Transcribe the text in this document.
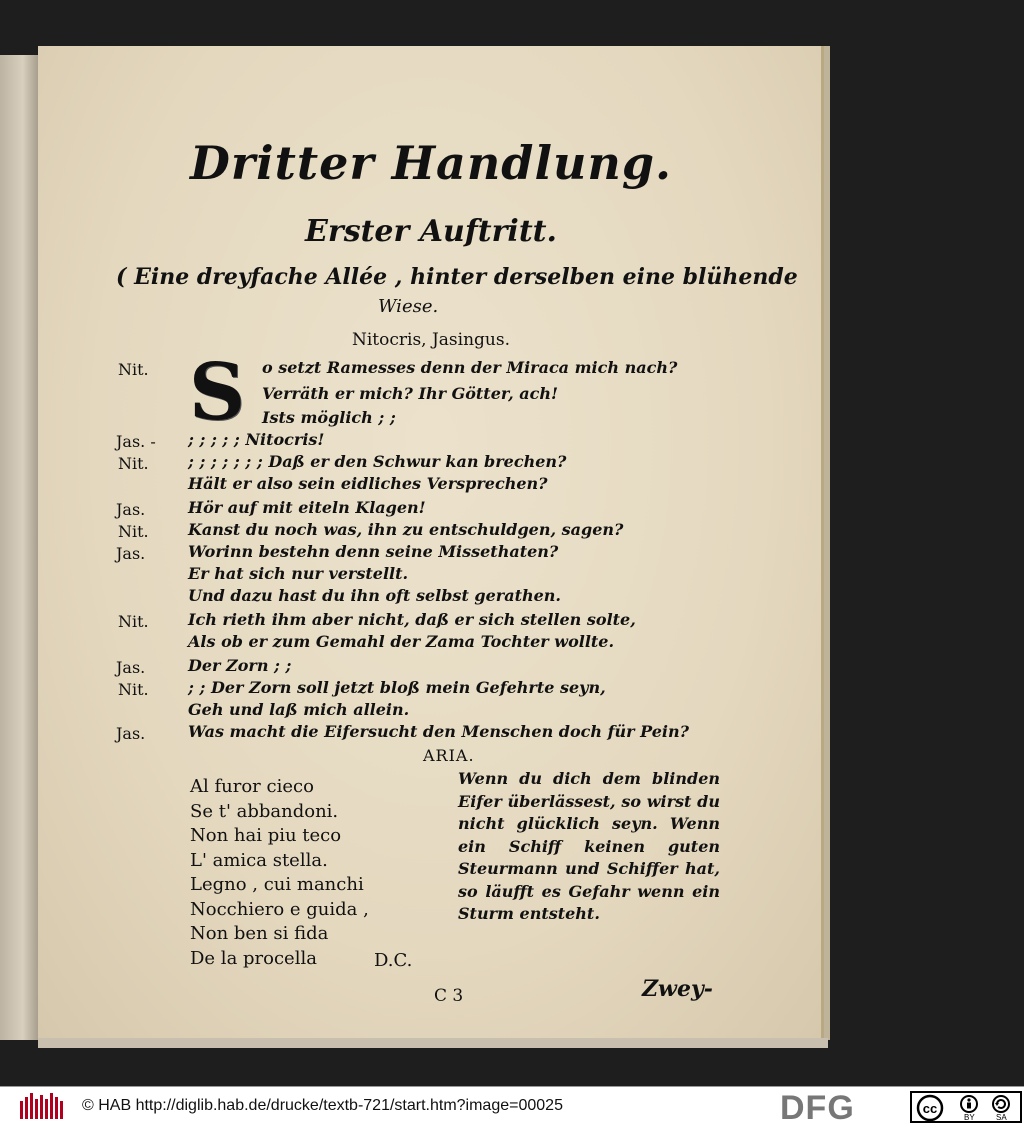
Dritter Handlung.
Erster Auftritt.
( Eine dreyfache Allée , hinter derselben eine blühende
Wiese.
Nitocris, Jasingus.
S
Nit.	o setzt Ramesses denn der Miraca mich nach?
Verräth er mich? Ihr Götter, ach!
Ists möglich ; ;
Jas. - ; ; ; ; ; Nitocris!
Nit. ; ; ; ; ; ; ; Daß er den Schwur kan brechen?
Hält er also sein eidliches Versprechen?
Jas.	Hör auf mit eiteln Klagen!
Nit. Kanst du noch was, ihn zu entschuldgen, sagen?
Jas.	Worinn bestehn denn seine Missethaten?
Er hat sich nur verstellt.
Und dazu hast du ihn oft selbst gerathen.
Nit. Ich rieth ihm aber nicht, daß er sich stellen solte,
Als ob er zum Gemahl der Zama Tochter wollte.
Jas.	Der Zorn ; ;
Nit. ; ; Der Zorn soll jetzt bloß mein Gefehrte seyn,
Geh und laß mich allein.
Jas.	Was macht die Eifersucht den Menschen doch für Pein?
ARIA.
Al furor cieco
Se t' abbandoni.
Non hai piu teco
L' amica stella.
Legno , cui manchi
Nocchiero e guida ,
Non ben si fida
De la procella
Wenn du dich dem blinden Eifer überlässest, so wirst du nicht glücklich seyn. Wenn ein Schiff keinen guten Steurmann und Schiffer hat, so läufft es Gefahr wenn ein Sturm entsteht.
D.C.
C 3	Zwey-
© HAB http://diglib.hab.de/drucke/textb-721/start.htm?image=00025	DFG	cc
BY	SA
